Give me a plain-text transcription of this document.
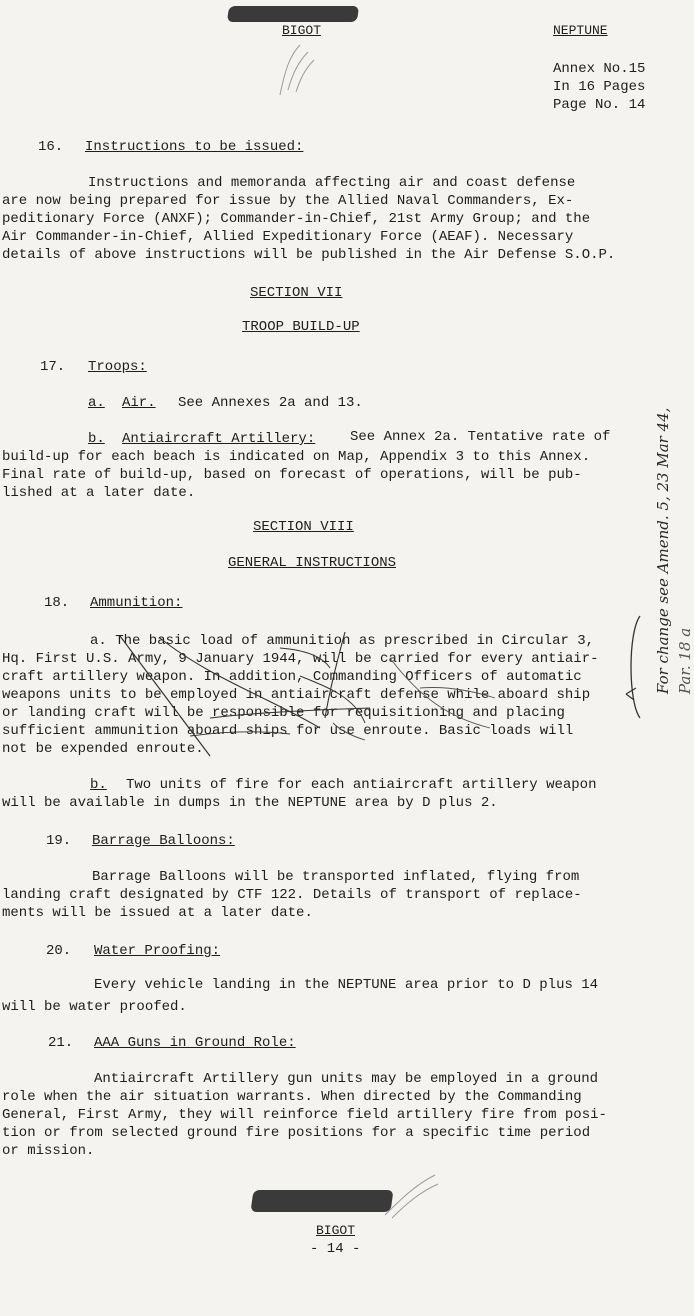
BIGOT	NEPTUNE
Annex No.15
In 16 Pages
Page No. 14
16. Instructions to be issued:
Instructions and memoranda affecting air and coast defense
are now being prepared for issue by the Allied Naval Commanders, Ex-
peditionary Force (ANXF); Commander-in-Chief, 21st Army Group; and the
Air Commander-in-Chief, Allied Expeditionary Force (AEAF). Necessary
details of above instructions will be published in the Air Defense S.O.P.
SECTION VII
TROOP BUILD-UP
17. Troops:
a. Air. See Annexes 2a and 13.
b. Antiaircraft Artillery: See Annex 2a. Tentative rate of
build-up for each beach is indicated on Map, Appendix 3 to this Annex.
Final rate of build-up, based on forecast of operations, will be pub-
lished at a later date.
SECTION VIII
GENERAL INSTRUCTIONS
18. Ammunition:
a. The basic load of ammunition as prescribed in Circular 3,
Hq. First U.S. Army, 9 January 1944, will be carried for every antiair-
craft artillery weapon. In addition, Commanding Officers of automatic
weapons units to be employed in antiaircraft defense while aboard ship
or landing craft will be responsible for requisitioning and placing
sufficient ammunition aboard ships for use enroute. Basic loads will
not be expended enroute.
b. Two units of fire for each antiaircraft artillery weapon
will be available in dumps in the NEPTUNE area by D plus 2.
19. Barrage Balloons:
Barrage Balloons will be transported inflated, flying from
landing craft designated by CTF 122. Details of transport of replace-
ments will be issued at a later date.
20. Water Proofing:
Every vehicle landing in the NEPTUNE area prior to D plus 14
will be water proofed.
21. AAA Guns in Ground Role:
Antiaircraft Artillery gun units may be employed in a ground
role when the air situation warrants. When directed by the Commanding
General, First Army, they will reinforce field artillery fire from posi-
tion or from selected ground fire positions for a specific time period
or mission.
BIGOT
- 14 -
For change see Amend. 5, 23 Mar 44, Par. 18 a
